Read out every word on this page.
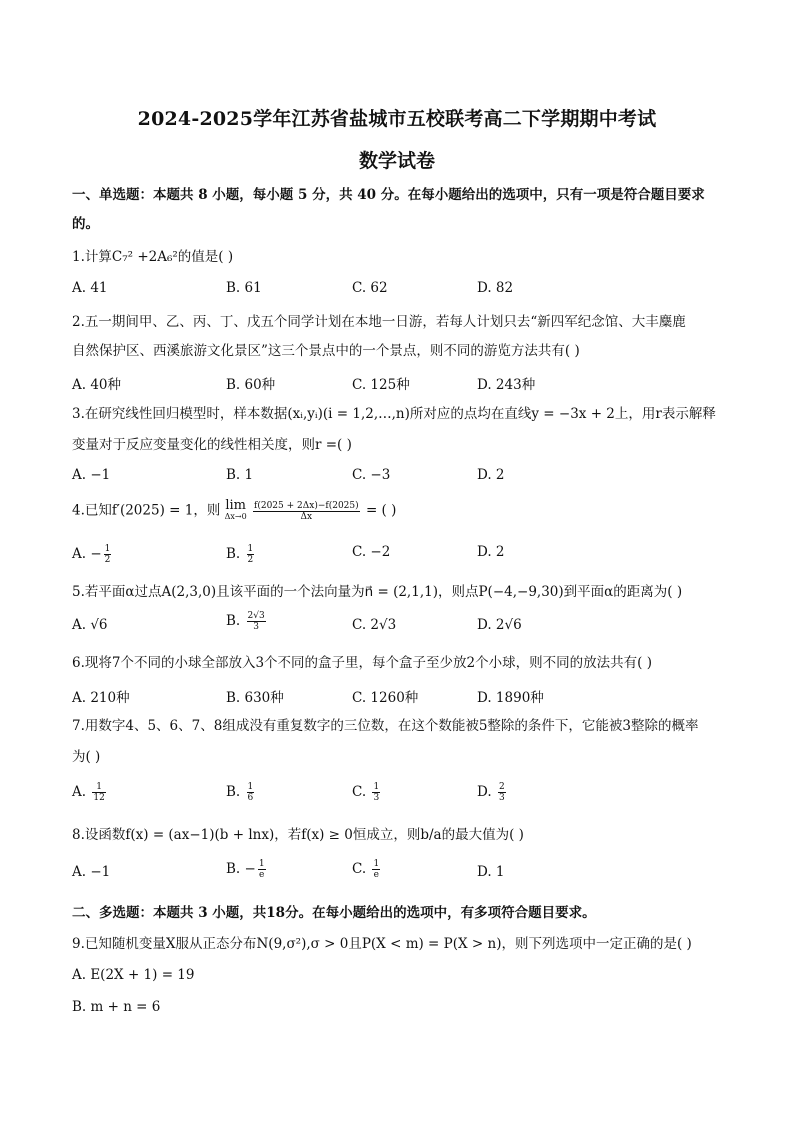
2024-2025学年江苏省盐城市五校联考高二下学期期中考试
数学试卷
一、单选题：本题共 8 小题，每小题 5 分，共 40 分。在每小题给出的选项中，只有一项是符合题目要求
的。
1.计算C₇² +2A₆²的值是( )
A. 41	B. 61	C. 62	D. 82
2.五一期间甲、乙、丙、丁、戊五个同学计划在本地一日游，若每人计划只去“新四军纪念馆、大丰麋鹿
自然保护区、西溪旅游文化景区”这三个景点中的一个景点，则不同的游览方法共有( )
A. 40种	B. 60种	C. 125种	D. 243种
3.在研究线性回归模型时，样本数据(xᵢ,yᵢ)(i = 1,2,…,n)所对应的点均在直线y = −3x + 2上，用r表示解释
变量对于反应变量变化的线性相关度，则r =( )
A. −1	B. 1	C. −3	D. 2
4.已知f′(2025) = 1，则 lim
Δx→0
$\frac{f(2025 + 2\Delta x)-f(2025)}{\Delta x}$ = ( )
A. − $\frac{1}{2}$	B. $\frac{1}{2}$	C. −2	D. 2
5.若平面α过点A(2,3,0)且该平面的一个法向量为n⃗ = (2,1,1)，则点P(−4,−9,30)到平面α的距离为( )
A. √6	B. $\frac{2√3}{3}$	C. 2√3	D. 2√6
6.现将7个不同的小球全部放入3个不同的盒子里，每个盒子至少放2个小球，则不同的放法共有( )
A. 210种	B. 630种	C. 1260种	D. 1890种
7.用数字4、5、6、7、8组成没有重复数字的三位数，在这个数能被5整除的条件下，它能被3整除的概率
为( )
A. $\frac{1}{12}$	B. $\frac{1}{6}$	C. $\frac{1}{3}$	D. $\frac{2}{3}$
8.设函数f(x) = (ax−1)(b + lnx)，若f(x) ≥ 0恒成立，则b/a的最大值为( )
A. −1	B. − $\frac{1}{e}$	C. $\frac{1}{e}$	D. 1
二、多选题：本题共 3 小题，共18分。在每小题给出的选项中，有多项符合题目要求。
9.已知随机变量X服从正态分布N(9,σ²),σ > 0且P(X < m) = P(X > n)，则下列选项中一定正确的是( )
A. E(2X + 1) = 19
B. m + n = 6
